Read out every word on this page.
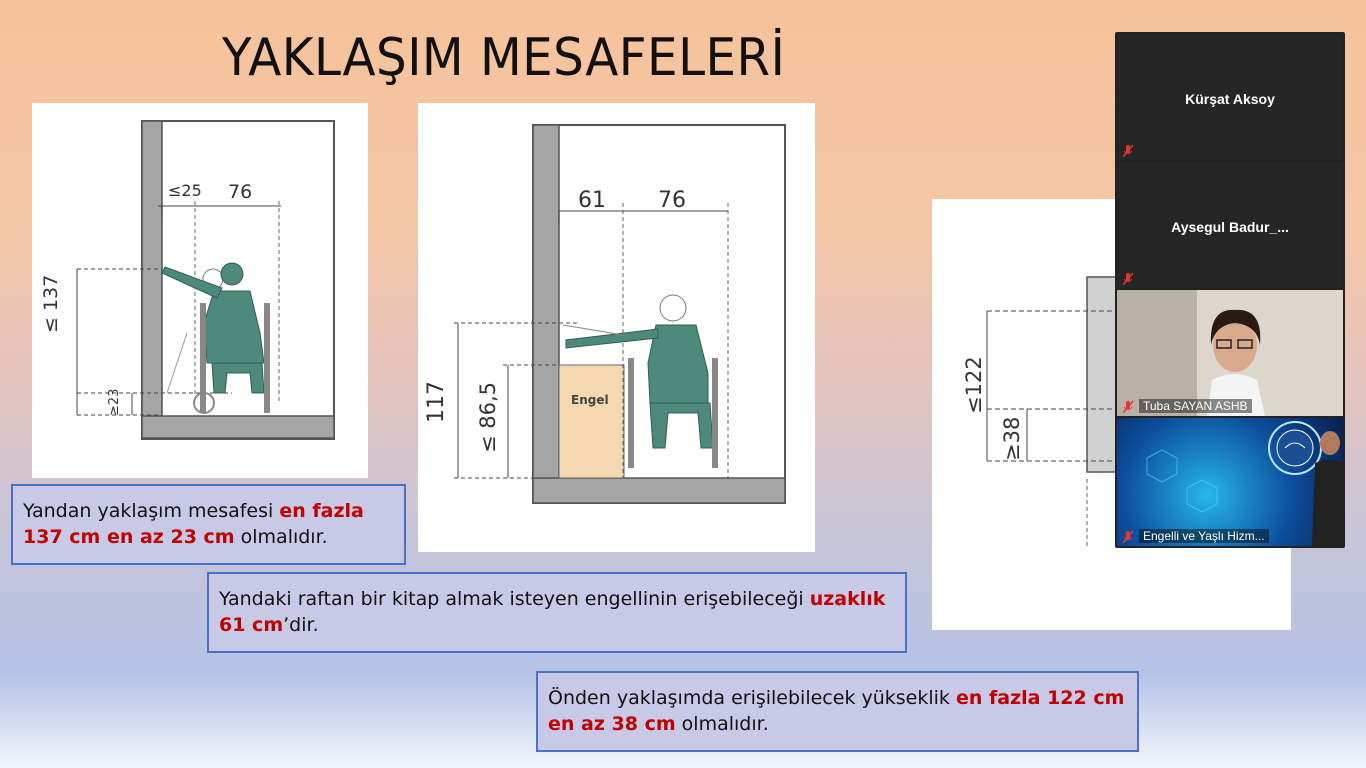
YAKLAŞIM MESAFELERİ
≤25 76
≤ 137
≥23
61 76
117 ≤ 86,5	Engel	≤122
≥38
Yandan yaklaşım mesafesi en fazla 137 cm en az 23 cm olmalıdır.
Yandaki raftan bir kitap almak isteyen engellinin erişebileceği uzaklık 61 cm’dir.
Önden yaklaşımda erişilebilecek yükseklik en fazla 122 cm en az 38 cm olmalıdır.
Kürşat Aksoy
Aysegul Badur_...
Tuba SAYAN ASHB
Engelli ve Yaşlı Hizm...
